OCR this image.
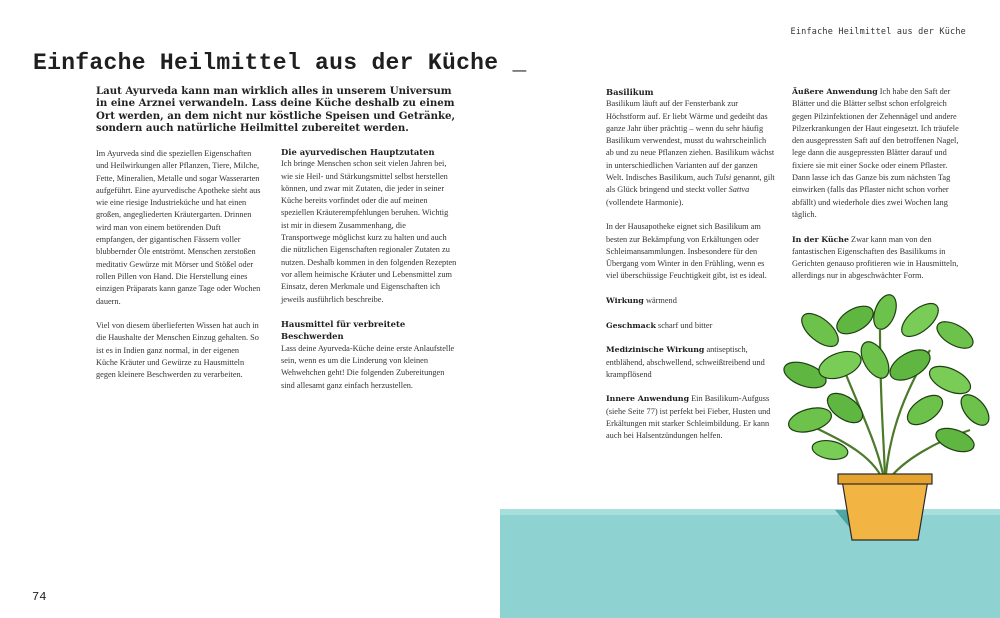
Einfache Heilmittel aus der Küche
Einfache Heilmittel aus der Küche _
Laut Ayurveda kann man wirklich alles in unserem Universum in eine Arznei verwandeln. Lass deine Küche deshalb zu einem Ort werden, an dem nicht nur köstliche Speisen und Getränke, sondern auch natürliche Heilmittel zubereitet werden.

Im Ayurveda sind die speziellen Eigenschaften und Heilwirkungen aller Pflanzen, Tiere, Milche, Fette, Mineralien, Metalle und sogar Wasserarten aufgeführt. Eine ayurvedische Apotheke sieht aus wie eine riesige Industrieküche und hat einen großen, angegliederten Kräutergarten. Drinnen wird man von einem betörenden Duft empfangen, der gigantischen Fässern voller blubbernder Öle entströmt. Menschen zerstoßen meditativ Gewürze mit Mörser und Stößel oder rollen Pillen von Hand. Die Herstellung eines einzigen Präparats kann ganze Tage oder Wochen dauern.

Viel von diesem überlieferten Wissen hat auch in die Haushalte der Menschen Einzug gehalten. So ist es in Indien ganz normal, in der eigenen Küche Kräuter und Gewürze zu Hausmitteln gegen kleinere Beschwerden zu verarbeiten.

Die ayurvedischen Hauptzutaten

Ich bringe Menschen schon seit vielen Jahren bei, wie sie Heil- und Stärkungsmittel selbst herstellen können, und zwar mit Zutaten, die jeder in seiner Küche bereits vorfindet oder die auf meinen speziellen Kräuterempfehlungen beruhen. Wichtig ist mir in diesem Zusammenhang, die Transportwege möglichst kurz zu halten und auch die nützlichen Eigenschaften regionaler Zutaten zu nutzen. Deshalb kommen in den folgenden Rezepten vor allem heimische Kräuter und Lebensmittel zum Einsatz, deren Merkmale und Eigenschaften ich jeweils ausführlich beschreibe.

Hausmittel für verbreitete Beschwerden

Lass deine Ayurveda-Küche deine erste Anlaufstelle sein, wenn es um die Linderung von kleinen Wehwehchen geht! Die folgenden Zubereitungen sind allesamt ganz einfach herzustellen.

Basilikum

Basilikum läuft auf der Fensterbank zur Höchstform auf. Er liebt Wärme und gedeiht das ganze Jahr über prächtig – wenn du sehr häufig Basilikum verwendest, musst du wahrscheinlich ab und zu neue Pflanzen ziehen. Basilikum wächst in unterschiedlichen Varianten auf der ganzen Welt. Indisches Basilikum, auch Tulsi genannt, gilt als Glück bringend und steckt voller Sattva (vollendete Harmonie).

In der Hausapotheke eignet sich Basilikum am besten zur Bekämpfung von Erkältungen oder Schleimansammlungen. Insbesondere für den Übergang vom Winter in den Frühling, wenn es viel überschüssige Feuchtigkeit gibt, ist es ideal.

Wirkung wärmend

Geschmack scharf und bitter

Medizinische Wirkung antiseptisch, entblähend, abschwellend, schweißtreibend und krampflösend

Innere Anwendung Ein Basilikum-Aufguss (siehe Seite 77) ist perfekt bei Fieber, Husten und Erkältungen mit starker Schleimbildung. Er kann auch bei Halsentzündungen helfen.

Äußere Anwendung Ich habe den Saft der Blätter und die Blätter selbst schon erfolgreich gegen Pilzinfektionen der Zehennägel und andere Pilzerkrankungen der Haut eingesetzt. Ich träufele den ausgepressten Saft auf den betroffenen Nagel, lege dann die ausgepressten Blätter darauf und fixiere sie mit einer Socke oder einem Pflaster. Dann lasse ich das Ganze bis zum nächsten Tag einwirken (falls das Pflaster nicht schon vorher abfällt) und wiederhole dies zwei Wochen lang täglich.

In der Küche Zwar kann man von den fantastischen Eigenschaften des Basilikums in Gerichten genauso profitieren wie in Hausmitteln, allerdings nur in abgeschwächter Form.

74
